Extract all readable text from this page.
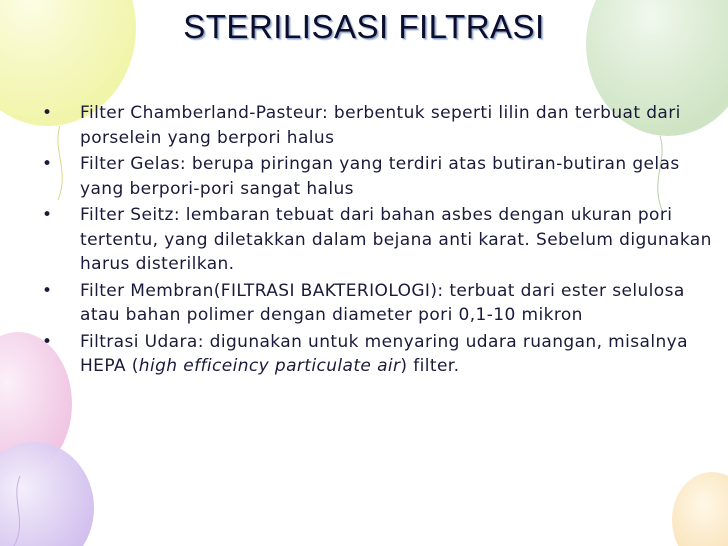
STERILISASI FILTRASI
• Filter Chamberland-Pasteur: berbentuk seperti lilin dan terbuat dari porselein yang berpori halus
• Filter Gelas: berupa piringan yang terdiri atas butiran-butiran gelas yang berpori-pori sangat halus
• Filter Seitz: lembaran tebuat dari bahan asbes dengan ukuran pori tertentu, yang diletakkan dalam bejana anti karat. Sebelum digunakan harus disterilkan.
• Filter Membran(FILTRASI BAKTERIOLOGI): terbuat dari ester selulosa atau bahan polimer dengan diameter pori 0,1-10 mikron
• Filtrasi Udara: digunakan untuk menyaring udara ruangan, misalnya HEPA (high efficeincy particulate air) filter.
